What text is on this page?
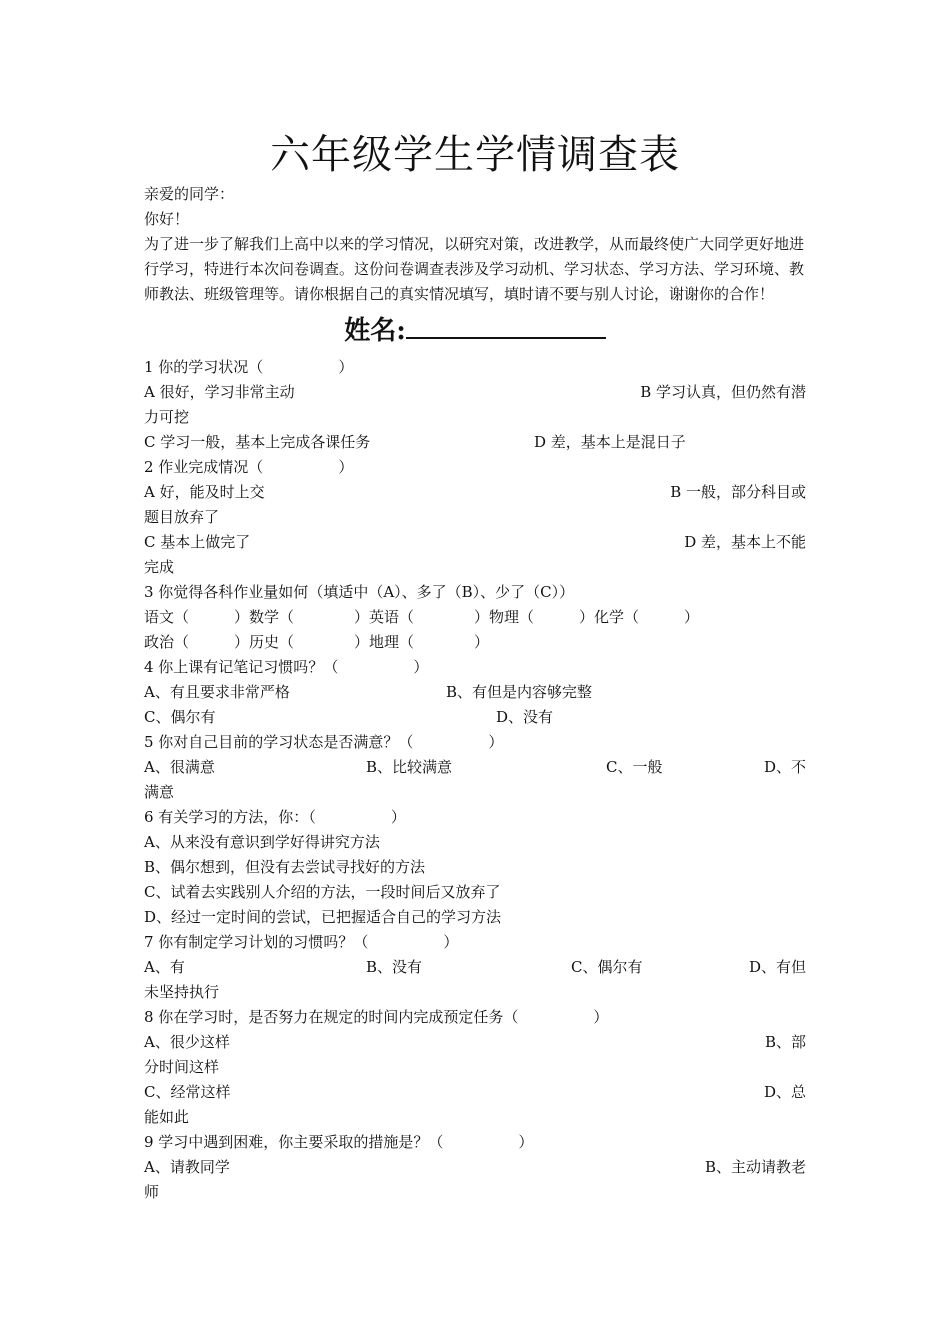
六年级学生学情调查表

亲爱的同学：

你好！

为了进一步了解我们上高中以来的学习情况，以研究对策，改进教学，从而最终使广大同学更好地进行学习，特进行本次问卷调查。这份问卷调查表涉及学习动机、学习状态、学习方法、学习环境、教师教法、班级管理等。请你根据自己的真实情况填写，填时请不要与别人讨论，谢谢你的合作！

姓名:
1 你的学习状况（　　　　　）
A 很好，学习非常主动	B 学习认真，但仍然有潜
力可挖
C 学习一般，基本上完成各课任务	D 差，基本上是混日子
2 作业完成情况（　　　　　）
A 好，能及时上交	B 一般，部分科目或
题目放弃了
C 基本上做完了	D 差，基本上不能
完成
3 你觉得各科作业量如何（填适中（A）、多了（B）、少了（C））
语文（　　　）数学（　　　　）英语（　　　　）物理（　　　）化学（　　　）
政治（　　　）历史（　　　　）地理（　　　　）
4 你上课有记笔记习惯吗？（　　　　　）
A、有且要求非常严格	B、有但是内容够完整
C、偶尔有	D、没有
5 你对自己目前的学习状态是否满意？（　　　　　）
A、很满意	B、比较满意	C、一般	D、不
满意
6 有关学习的方法，你：（　　　　　）
A、从来没有意识到学好得讲究方法
B、偶尔想到，但没有去尝试寻找好的方法
C、试着去实践别人介绍的方法，一段时间后又放弃了
D、经过一定时间的尝试，已把握适合自己的学习方法
7 你有制定学习计划的习惯吗？（　　　　　）
A、有	B、没有	C、偶尔有	D、有但
未坚持执行
8 你在学习时，是否努力在规定的时间内完成预定任务（　　　　　）
A、很少这样	B、部
分时间这样
C、经常这样	D、总
能如此
9 学习中遇到困难，你主要采取的措施是？（　　　　　）
A、请教同学	B、主动请教老
师
